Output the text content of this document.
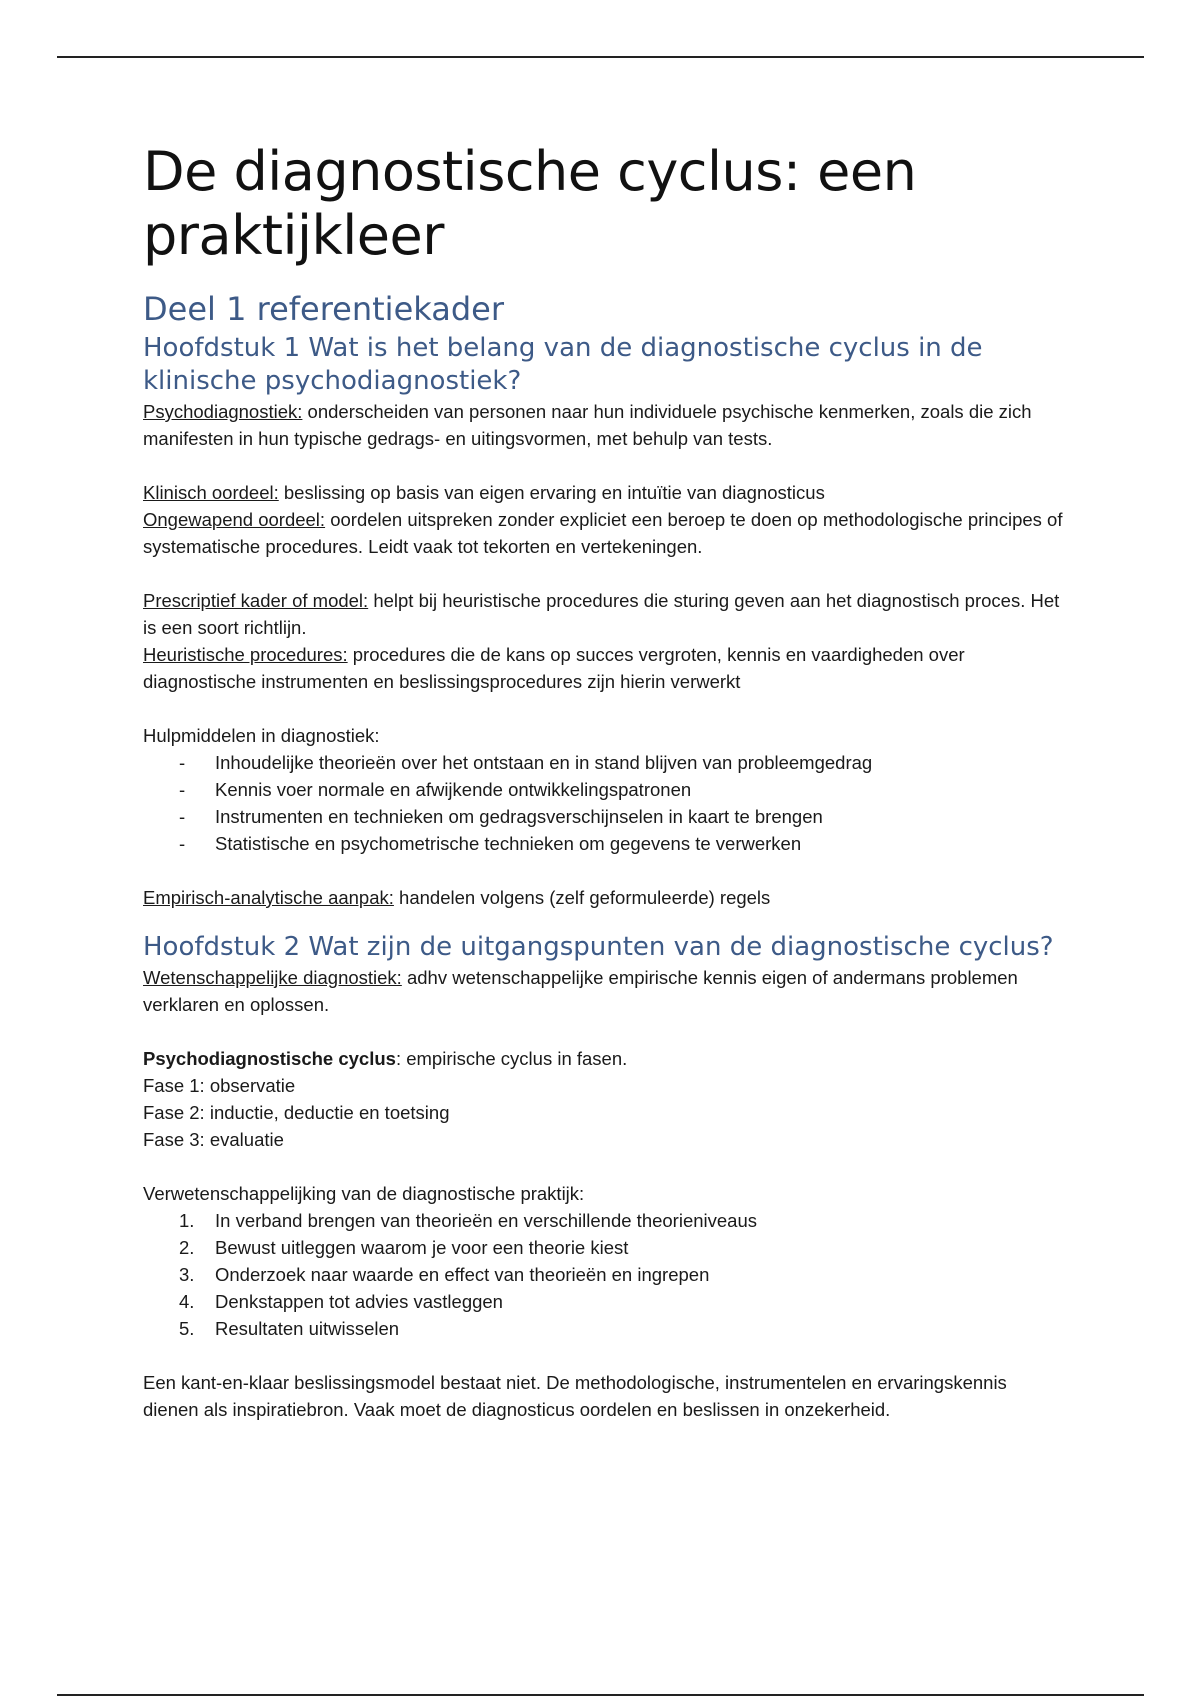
De diagnostische cyclus: een praktijkleer
Deel 1 referentiekader
Hoofdstuk 1 Wat is het belang van de diagnostische cyclus in de klinische psychodiagnostiek?

Psychodiagnostiek: onderscheiden van personen naar hun individuele psychische kenmerken, zoals die zich manifesten in hun typische gedrags- en uitingsvormen, met behulp van tests.

Klinisch oordeel: beslissing op basis van eigen ervaring en intuïtie van diagnosticus

Ongewapend oordeel: oordelen uitspreken zonder expliciet een beroep te doen op methodologische principes of systematische procedures. Leidt vaak tot tekorten en vertekeningen.

Prescriptief kader of model: helpt bij heuristische procedures die sturing geven aan het diagnostisch proces. Het is een soort richtlijn.

Heuristische procedures: procedures die de kans op succes vergroten, kennis en vaardigheden over diagnostische instrumenten en beslissingsprocedures zijn hierin verwerkt

Hulpmiddelen in diagnostiek:

- Inhoudelijke theorieën over het ontstaan en in stand blijven van probleemgedrag
- Kennis voer normale en afwijkende ontwikkelingspatronen
- Instrumenten en technieken om gedragsverschijnselen in kaart te brengen
- Statistische en psychometrische technieken om gegevens te verwerken

Empirisch-analytische aanpak: handelen volgens (zelf geformuleerde) regels

Hoofdstuk 2 Wat zijn de uitgangspunten van de diagnostische cyclus?

Wetenschappelijke diagnostiek: adhv wetenschappelijke empirische kennis eigen of andermans problemen verklaren en oplossen.

Psychodiagnostische cyclus: empirische cyclus in fasen.

Fase 1: observatie

Fase 2: inductie, deductie en toetsing

Fase 3: evaluatie

Verwetenschappelijking van de diagnostische praktijk:

1. In verband brengen van theorieën en verschillende theorieniveaus
2. Bewust uitleggen waarom je voor een theorie kiest
3. Onderzoek naar waarde en effect van theorieën en ingrepen
4. Denkstappen tot advies vastleggen
5. Resultaten uitwisselen

Een kant-en-klaar beslissingsmodel bestaat niet. De methodologische, instrumentelen en ervaringskennis dienen als inspiratiebron. Vaak moet de diagnosticus oordelen en beslissen in onzekerheid.
